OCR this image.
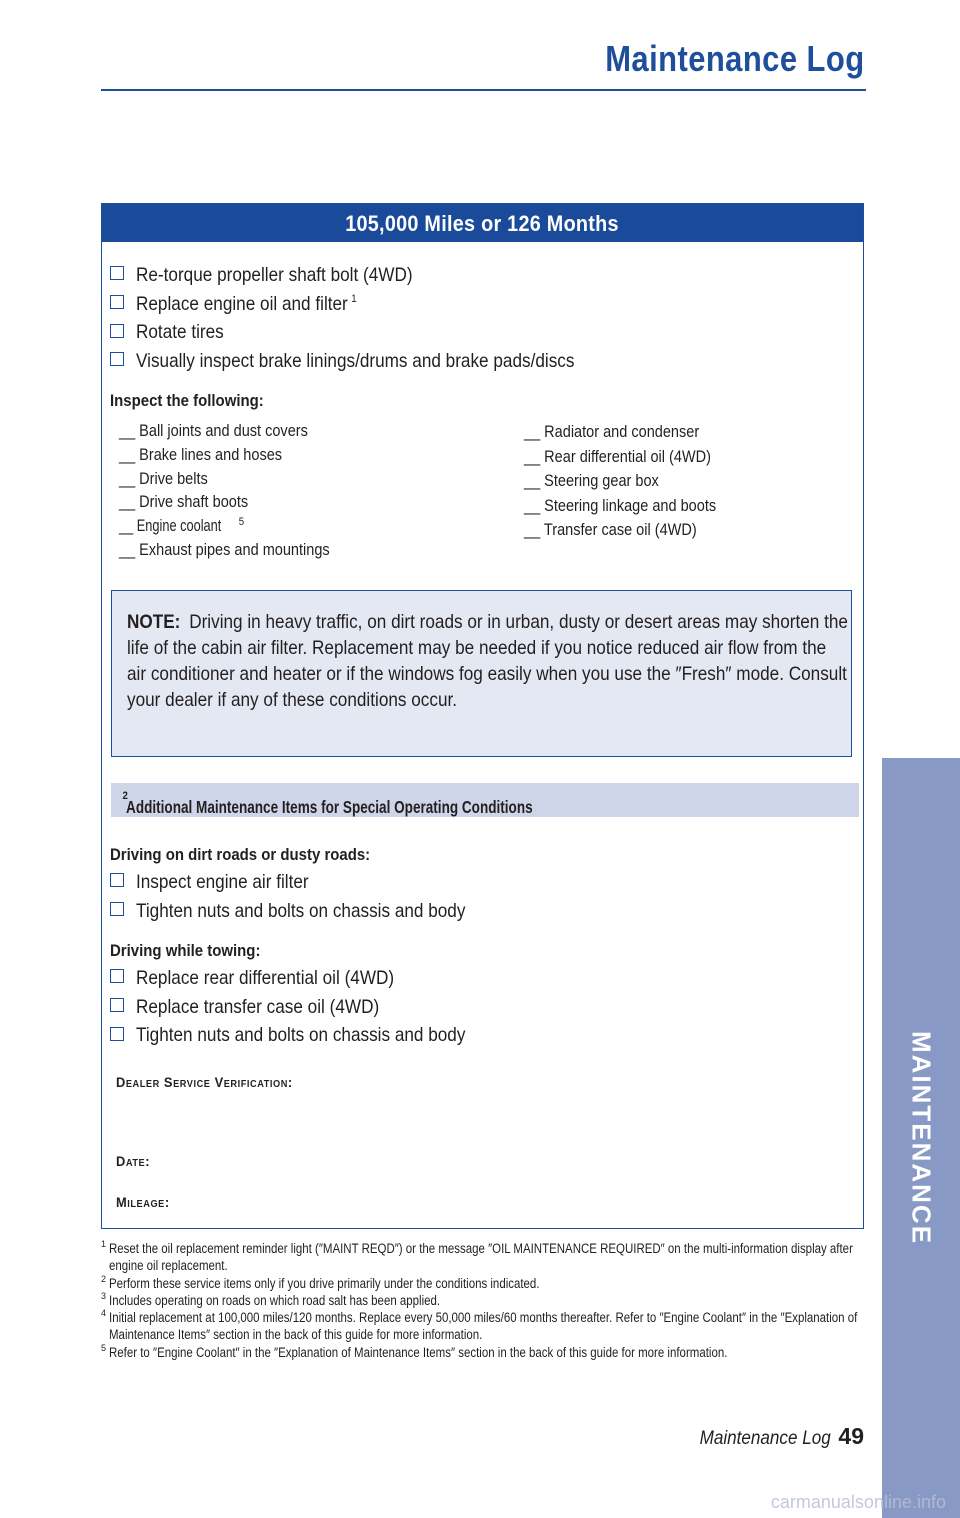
Maintenance Log
105,000 Miles or 126 Months
Re-torque propeller shaft bolt (4WD)
Replace engine oil and filter $^1$
Rotate tires
Visually inspect brake linings/drums and brake pads/discs
Inspect the following:
__ Ball joints and dust covers
__ Brake lines and hoses
__ Drive belts
__ Drive shaft boots
__ Engine coolant $^5$
__ Exhaust pipes and mountings
__ Radiator and condenser
__ Rear differential oil (4WD)
__ Steering gear box
__ Steering linkage and boots
__ Transfer case oil (4WD)
NOTE: Driving in heavy traffic, on dirt roads or in urban, dusty or desert areas may shorten the life of the cabin air filter. Replacement may be needed if you notice reduced air flow from the air conditioner and heater or if the windows fog easily when you use the ″Fresh″ mode. Consult your dealer if any of these conditions occur.
Additional Maintenance Items for Special Operating Conditions
$^2$
Driving on dirt roads or dusty roads:
Inspect engine air filter
Tighten nuts and bolts on chassis and body
Driving while towing:
Replace rear differential oil (4WD)
Replace transfer case oil (4WD)
Tighten nuts and bolts on chassis and body
Dealer Service Verification:
Date:
Mileage:
1 Reset the oil replacement reminder light (″MAINT REQD″) or the message ″OIL MAINTENANCE REQUIRED″ on the multi-information display after engine oil replacement.
2 Perform these service items only if you drive primarily under the conditions indicated.
3 Includes operating on roads on which road salt has been applied.
4 Initial replacement at 100,000 miles/120 months. Replace every 50,000 miles/60 months thereafter. Refer to ″Engine Coolant″ in the ″Explanation of Maintenance Items″ section in the back of this guide for more information.
5 Refer to ″Engine Coolant″ in the ″Explanation of Maintenance Items″ section in the back of this guide for more information.
MAINTENANCE
Maintenance Log 49
carmanualsonline.info
